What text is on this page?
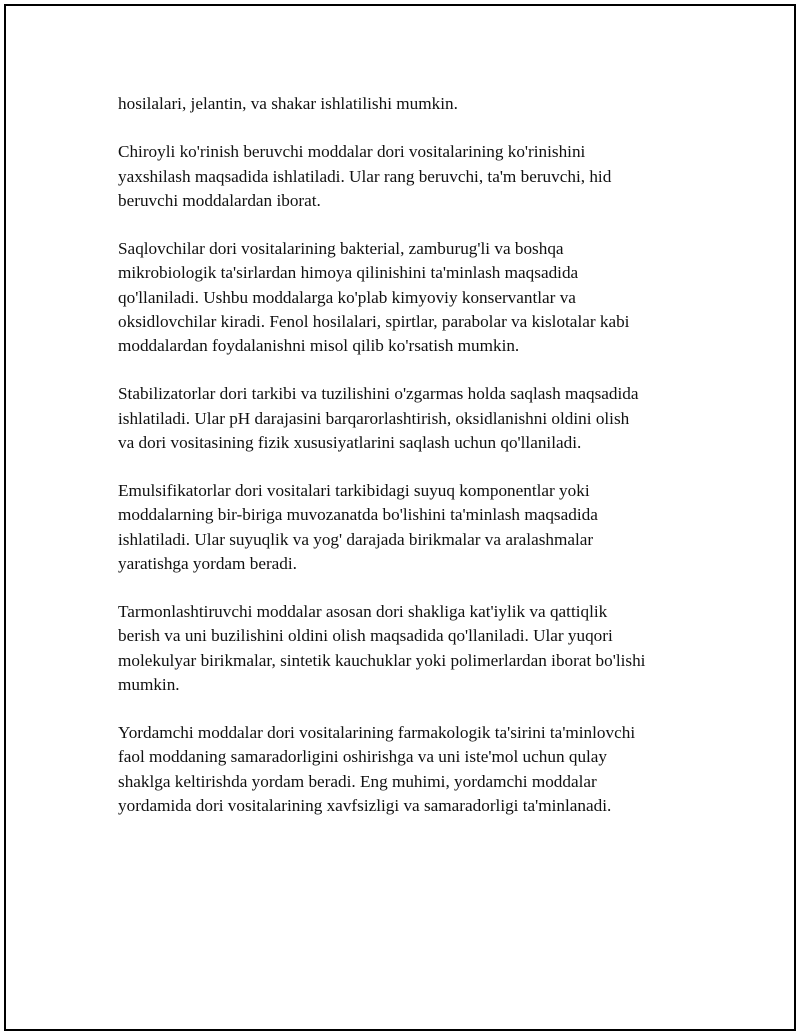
hosilalari, jelantin, va shakar ishlatilishi mumkin.

Chiroyli ko'rinish beruvchi moddalar dori vositalarining ko'rinishini
yaxshilash maqsadida ishlatiladi. Ular rang beruvchi, ta'm beruvchi, hid
beruvchi moddalardan iborat.

Saqlovchilar dori vositalarining bakterial, zamburug'li va boshqa
mikrobiologik ta'sirlardan himoya qilinishini ta'minlash maqsadida
qo'llaniladi. Ushbu moddalarga ko'plab kimyoviy konservantlar va
oksidlovchilar kiradi. Fenol hosilalari, spirtlar, parabolar va kislotalar kabi
moddalardan foydalanishni misol qilib ko'rsatish mumkin.

Stabilizatorlar dori tarkibi va tuzilishini o'zgarmas holda saqlash maqsadida
ishlatiladi. Ular pH darajasini barqarorlashtirish, oksidlanishni oldini olish
va dori vositasining fizik xususiyatlarini saqlash uchun qo'llaniladi.

Emulsifikatorlar dori vositalari tarkibidagi suyuq komponentlar yoki
moddalarning bir-biriga muvozanatda bo'lishini ta'minlash maqsadida
ishlatiladi. Ular suyuqlik va yog' darajada birikmalar va aralashmalar
yaratishga yordam beradi.

Tarmonlashtiruvchi moddalar asosan dori shakliga kat'iylik va qattiqlik
berish va uni buzilishini oldini olish maqsadida qo'llaniladi. Ular yuqori
molekulyar birikmalar, sintetik kauchuklar yoki polimerlardan iborat bo'lishi
mumkin.

Yordamchi moddalar dori vositalarining farmakologik ta'sirini ta'minlovchi
faol moddaning samaradorligini oshirishga va uni iste'mol uchun qulay
shaklga keltirishda yordam beradi. Eng muhimi, yordamchi moddalar
yordamida dori vositalarining xavfsizligi va samaradorligi ta'minlanadi.
